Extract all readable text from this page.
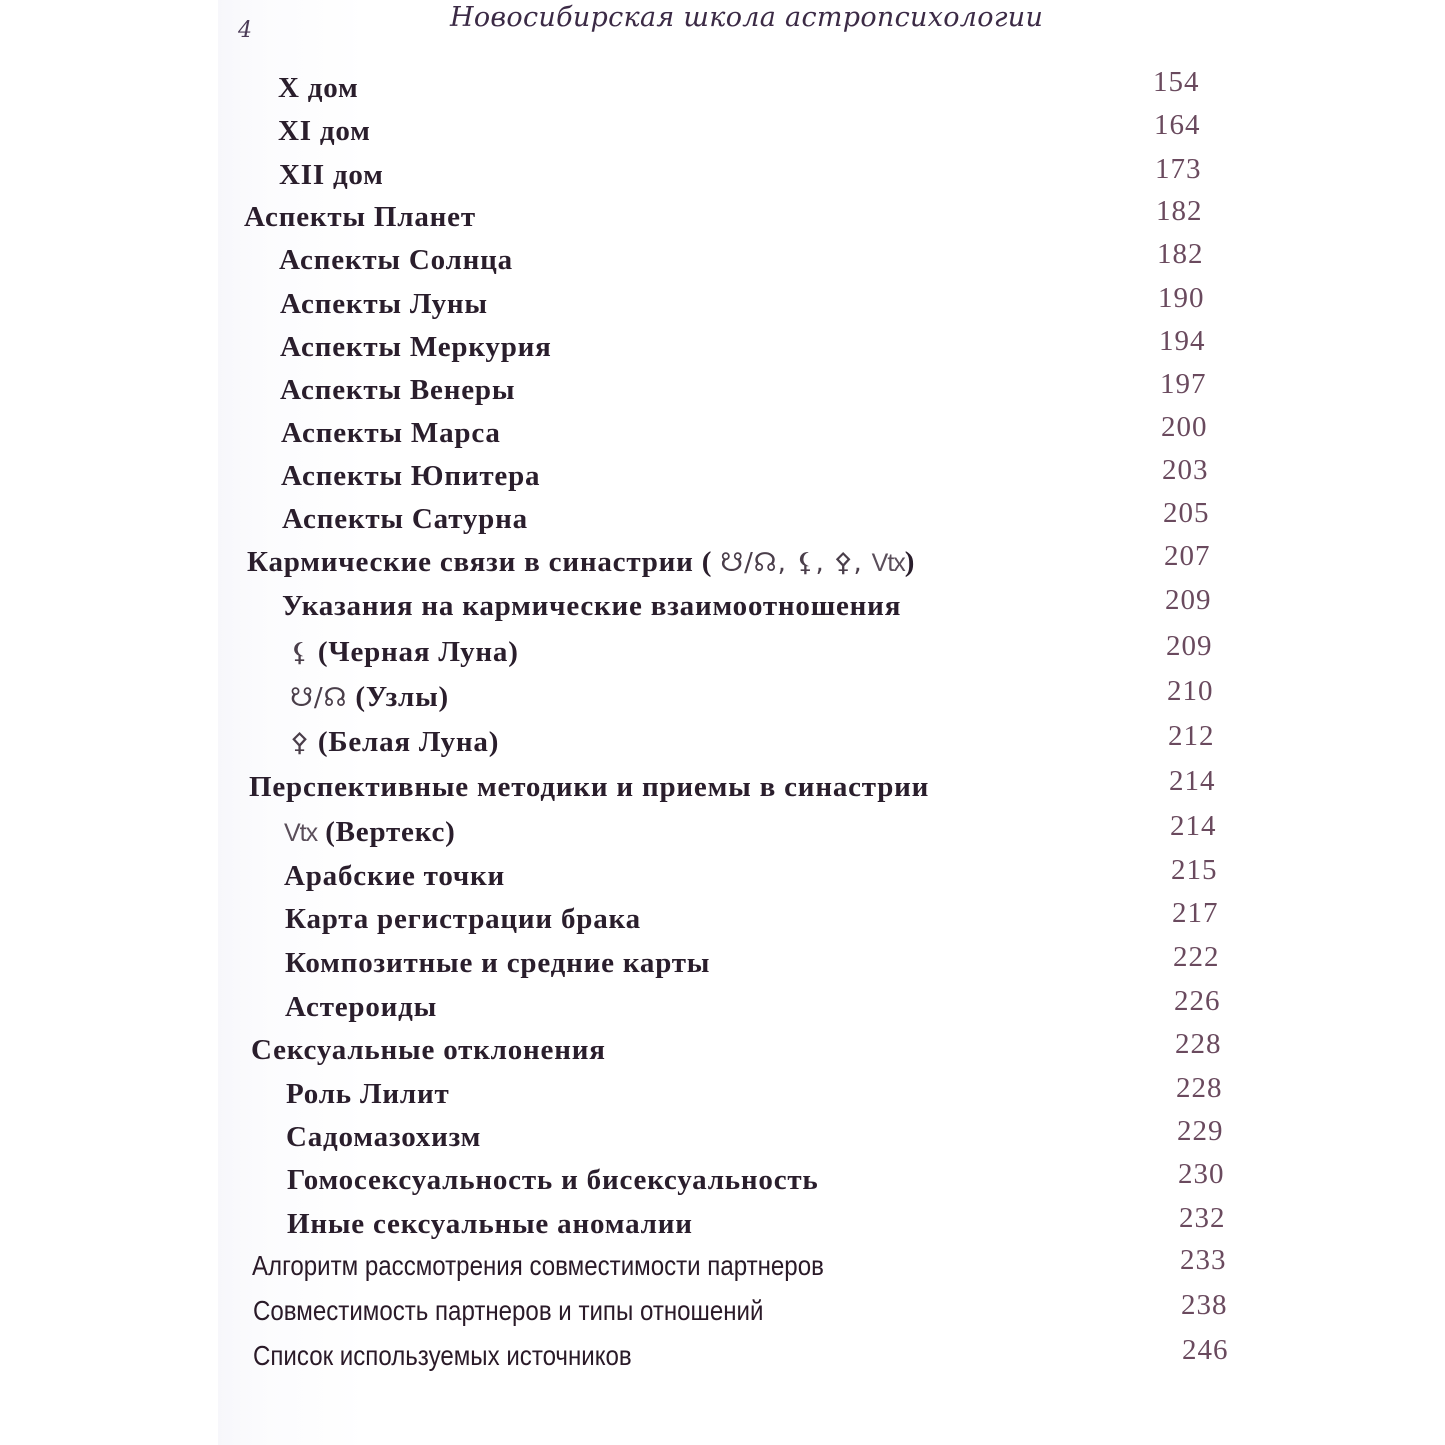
4	Новосибирская школа астропсихологии
X дом	154
XI дом	164
XII дом	173
Аспекты Планет	182
Аспекты Солнца	182
Аспекты Луны	190
Аспекты Меркурия	194
Аспекты Венеры	197
Аспекты Марса	200
Аспекты Юпитера	203
Аспекты Сатурна	205
Кармические связи в синастрии ( ☋/☊, ⚸, ⚴, Vtx)	207
Указания на кармические взаимоотношения	209
⚸ (Черная Луна)	209
☋/☊ (Узлы)	210
⚴ (Белая Луна)	212
Перспективные методики и приемы в синастрии	214
Vtx (Вертекс)	214
Арабские точки	215
Карта регистрации брака	217
Композитные и средние карты	222
Астероиды	226
Сексуальные отклонения	228
Роль Лилит	228
Садомазохизм	229
Гомосексуальность и бисексуальность	230
Иные сексуальные аномалии	232
Алгоритм рассмотрения совместимости партнеров	233
Совместимость партнеров и типы отношений	238
Список используемых источников	246
